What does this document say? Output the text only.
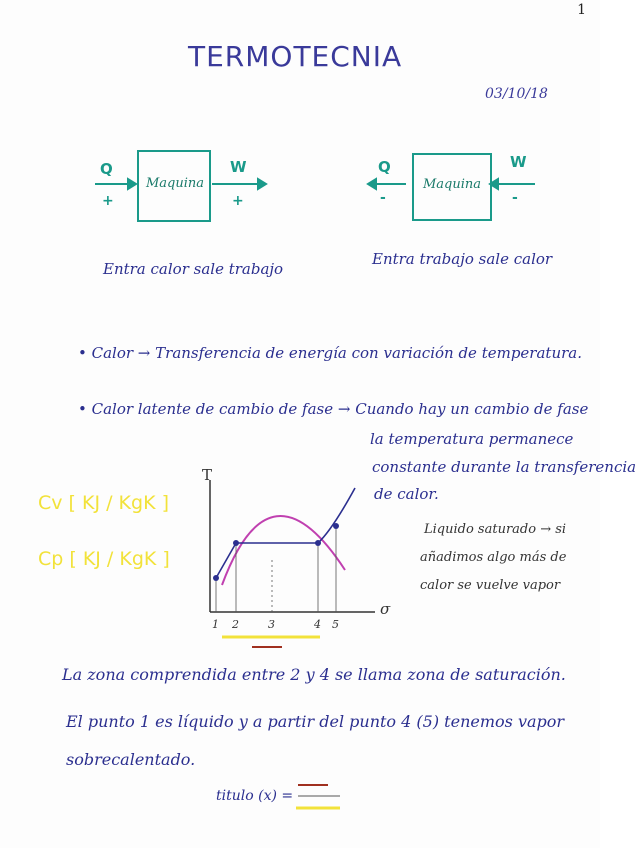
1
TERMOTECNIA
03/10/18
Maquina
Q	W
+	+
Entra calor sale trabajo
Maquina
Q	W
-	-
Entra trabajo sale calor
• Calor → Transferencia de energía con variación de temperatura.
• Calor latente de cambio de fase → Cuando hay un cambio de fase
la temperatura permanece
constante durante la transferencia
de calor.
Cv [ KJ / KgK ]
Cp [ KJ / KgK ]
T
σ
1 2	3	4 5
Liquido saturado → si
añadimos algo más de
calor se vuelve vapor
La zona comprendida entre 2 y 4 se llama zona de saturación.
El punto 1 es líquido y a partir del punto 4 (5) tenemos vapor
sobrecalentado.
titulo (x) =
